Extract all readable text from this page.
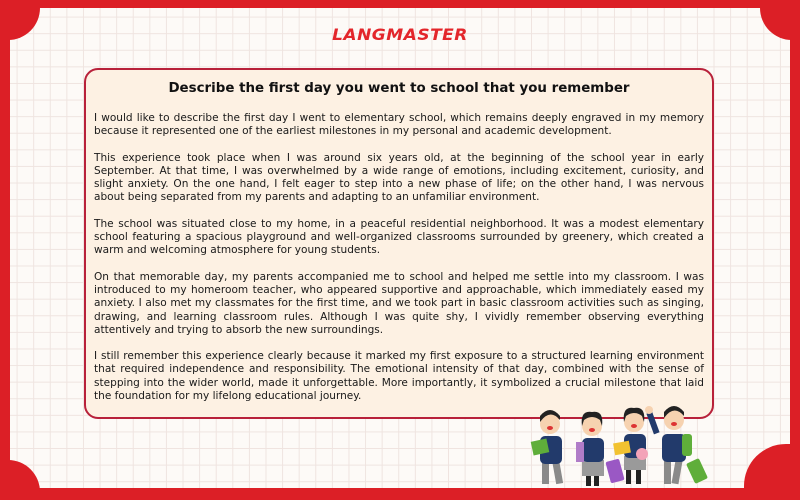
LANGMASTER
Describe the first day you went to school that you remember

I would like to describe the first day I went to elementary school, which remains deeply engraved in my memory because it represented one of the earliest milestones in my personal and academic development.

This experience took place when I was around six years old, at the beginning of the school year in early September. At that time, I was overwhelmed by a wide range of emotions, including excitement, curiosity, and slight anxiety. On the one hand, I felt eager to step into a new phase of life; on the other hand, I was nervous about being separated from my parents and adapting to an unfamiliar environment.

The school was situated close to my home, in a peaceful residential neighborhood. It was a modest elementary school featuring a spacious playground and well-organized classrooms surrounded by greenery, which created a warm and welcoming atmosphere for young students.

On that memorable day, my parents accompanied me to school and helped me settle into my classroom. I was introduced to my homeroom teacher, who appeared supportive and approachable, which immediately eased my anxiety. I also met my classmates for the first time, and we took part in basic classroom activities such as singing, drawing, and learning classroom rules. Although I was quite shy, I vividly remember observing everything attentively and trying to absorb the new surroundings.

I still remember this experience clearly because it marked my first exposure to a structured learning environment that required independence and responsibility. The emotional intensity of that day, combined with the sense of stepping into the wider world, made it unforgettable. More importantly, it symbolized a crucial milestone that laid the foundation for my lifelong educational journey.
